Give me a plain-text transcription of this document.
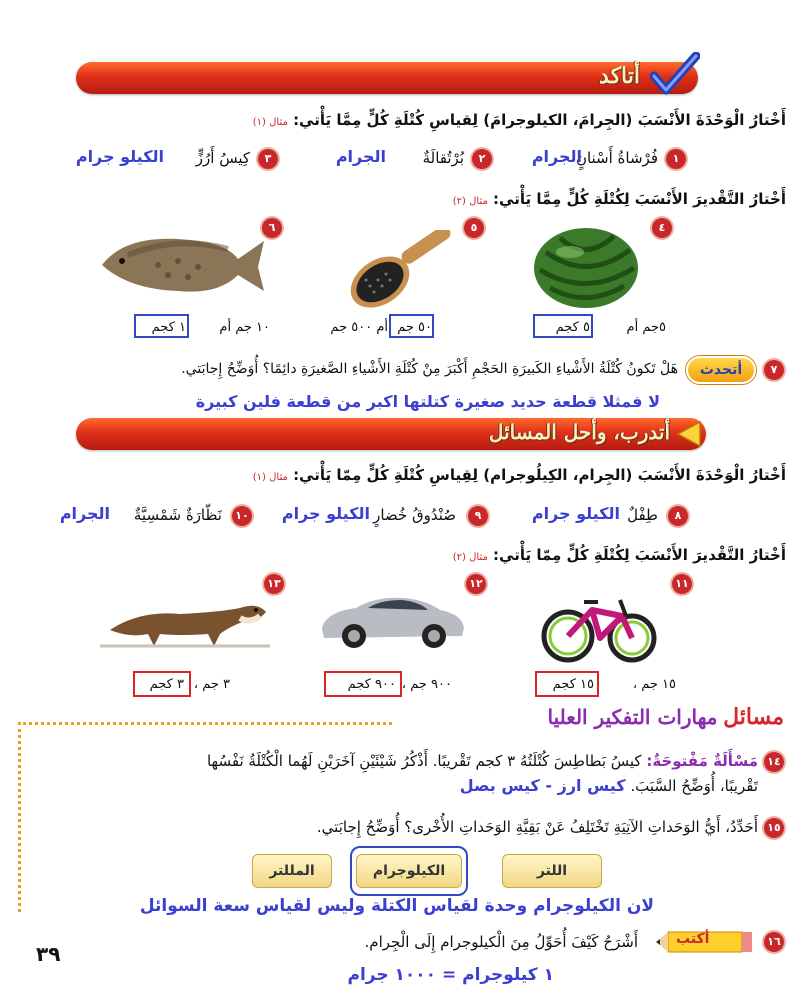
أتاكد
أَخْتارُ الْوَحْدَةَ الأَنْسَبَ (الجِرامَ، الكيلوجرامَ) لِقياسِ كُتْلَةِ كُلٍّ مِمَّا يَأْتي: مثال (١)
١
فُرْشاةُ أَسْنانٍ
الجرام
٢
بُرْتُقالَةٌ
الجرام
٣
كِيسُ أَرُزٍّ
الكيلو جرام
أَخْتارُ التَّقْديرَ الأَنْسَبَ لِكُتْلَةِ كُلٍّ مِمَّا يَأْتي: مثال (٢)
٤
٥
٦
٥جم أم
٥ كجم
أم ٥٠٠ جم ٥٠ جم
١٠ جم أم
١ كجم
٧
أتحدث
هَلْ تَكونُ كُتْلَةُ الأَشْياءِ الكَبيرَةِ الحَجْمِ أَكْبَرَ مِنْ كُتْلَةِ الأَشْياءِ الصَّغيرَةِ دائِمًا؟ أُوَضِّحُ إِجابَتي.
لا فمثلا قطعة حديد صغيرة كتلتها اكبر من قطعة فلين كبيرة
أتدرب، وأحل المسائل
أَخْتارُ الْوَحْدَةَ الأَنْسَبَ (الجِرام، الكِيلُوجرام) لِقِياسِ كُتْلَةِ كُلٍّ مِمّا يَأْتي: مثال (١)
٨
طِفْلٌ
الكيلو جرام
٩
صُنْدُوقُ خُضارٍ
الكيلو جرام
١٠
نَظّارَةٌ شَمْسِيَّةٌ
الجرام
أَخْتارُ التَّقْديرَ الأَنْسَبَ لِكُتْلَةِ كُلٍّ مِمّا يَأْتي: مثال (٢)
١١
١٢
١٣
١٥ جم ،
١٥ كجم
٩٠٠ جم ،
٩٠٠ كجم
٣ جم ،
٣ كجم
مسائل مهارات التفكير العليا
١٤
مَسْأَلَةٌ مَفْتوحَةٌ: كيسُ بَطاطِسَ كُتْلَتُهُ ٣ كجم تَقْريبًا. أَذْكُرُ شَيْئَيْنِ آخَرَيْنِ لَهُما الْكُتْلَةُ نَفْسُها
تَقْريبًا، أُوَضِّحُ السَّبَبَ. كيس ارز - كيس بصل
١٥
أَحَدِّدُ، أَيُّ الوَحَداتِ الآتِيَةِ تَخْتَلِفُ عَنْ بَقِيَّةِ الوَحَداتِ الأُخْرى؟ أُوَضِّحُ إِجابَتي.
اللتر
الكيلوجرام
المللتر
لان الكيلوجرام وحدة لقياس الكتلة وليس لقياس سعة السوائل
٣٩
١٦
أكتب
أَشْرَحُ كَيْفَ أُحَوِّلُ مِنَ الْكيلوجرام إِلَى الْجِرام.
١ كيلوجرام = ١٠٠٠ جرام
